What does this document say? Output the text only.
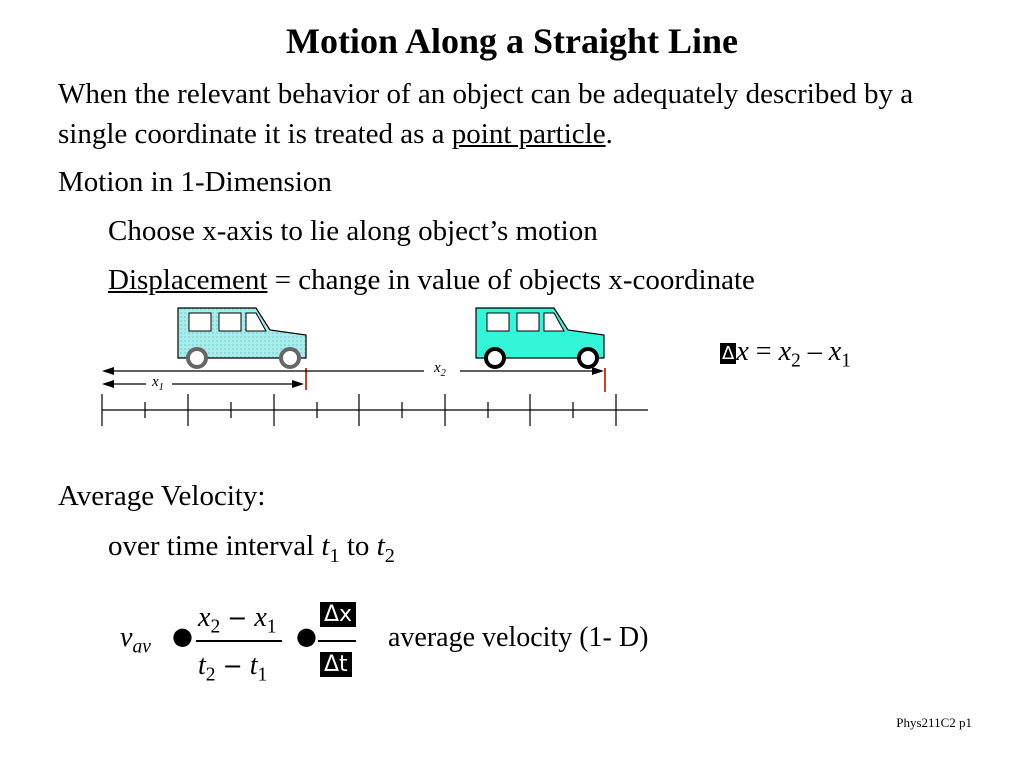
Motion Along a Straight Line
When the relevant behavior of an object can be adequately described by a single coordinate it is treated as a point particle.
Motion in 1-Dimension
Choose x-axis to lie along object’s motion
Displacement = change in value of objects x-coordinate
$x_1$
$x_2$
$\Delta x = x_2 - x_1$
Average Velocity:
over time interval $t_1$ to $t_2$
$v_{av}$ ●
$x_2 - x_1$
$t_2 - t_1$
●
Δx
Δt
average velocity (1- D)
Phys211C2 p1
